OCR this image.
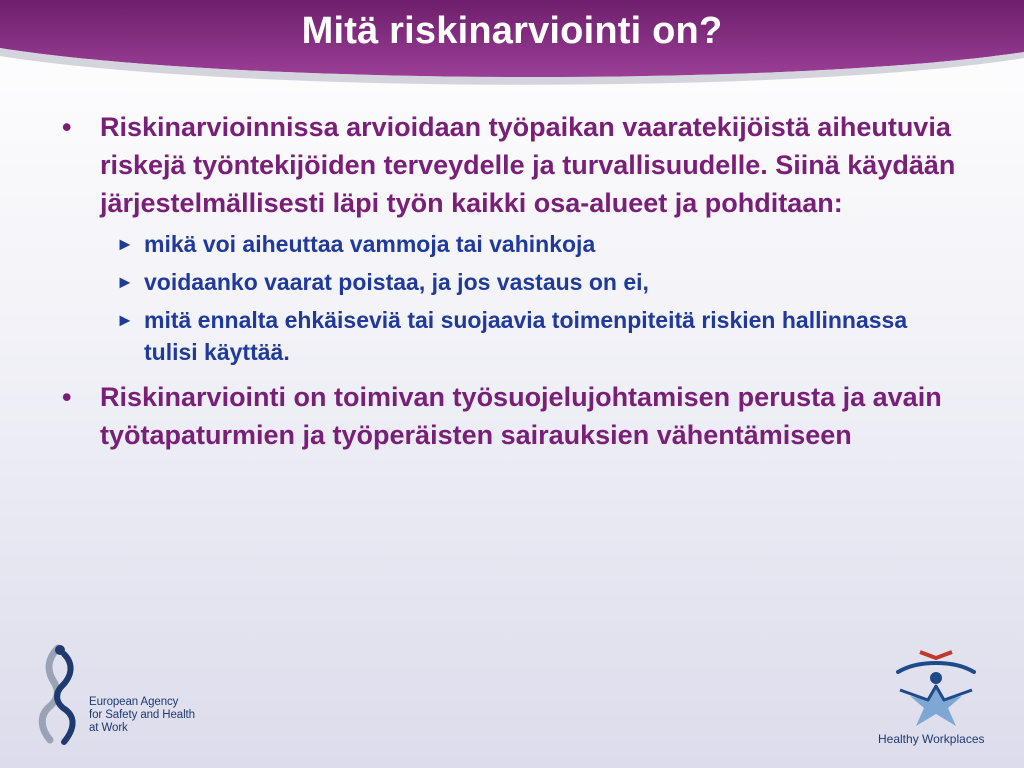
Mitä riskinarviointi on?
•	Riskinarvioinnissa arvioidaan työpaikan vaaratekijöistä aiheutuvia riskejä työntekijöiden terveydelle ja turvallisuudelle. Siinä käydään järjestelmällisesti läpi työn kaikki osa-alueet ja pohditaan:
► mikä voi aiheuttaa vammoja tai vahinkoja
► voidaanko vaarat poistaa, ja jos vastaus on ei,
► mitä ennalta ehkäiseviä tai suojaavia toimenpiteitä riskien hallinnassa tulisi käyttää.
•	Riskinarviointi on toimivan työsuojelujohtamisen perusta ja avain työtapaturmien ja työperäisten sairauksien vähentämiseen
European Agency
for Safety and Health
at Work
Healthy Workplaces
